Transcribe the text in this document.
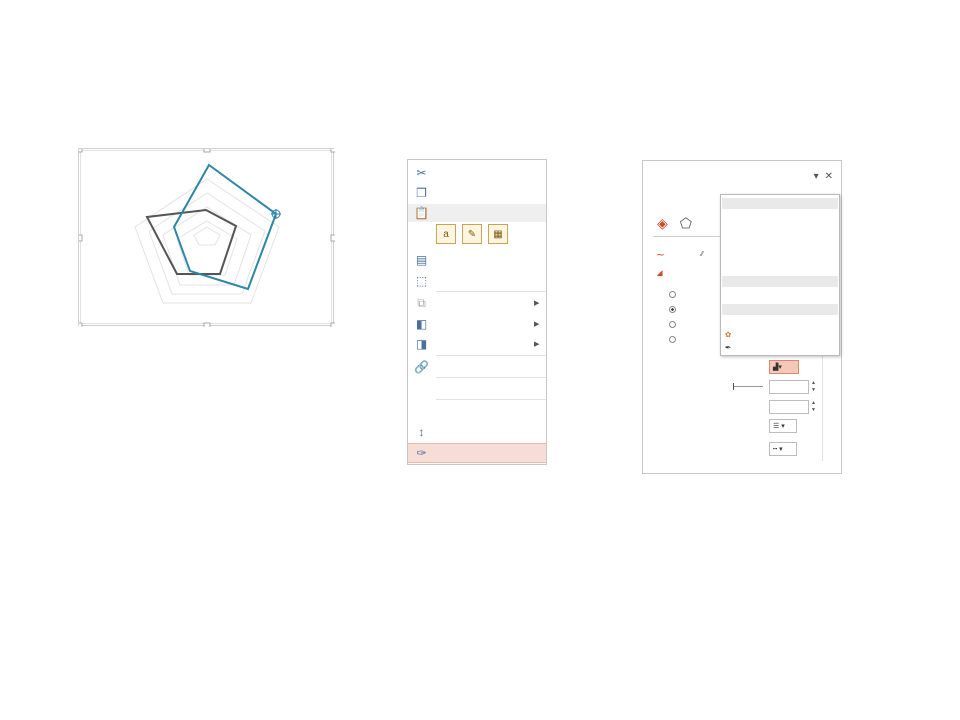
✂
❐
📋
a	✎	▦
▤
⬚
⧉	▶
◧	▶
◨	▶
🔗
↕
✑
▾ ✕
◈ ⬠
⁓	⁄⁄
◢
▟▾
▲
▼
▲
▼
☰ ▾
┅ ▾
✿
✒
